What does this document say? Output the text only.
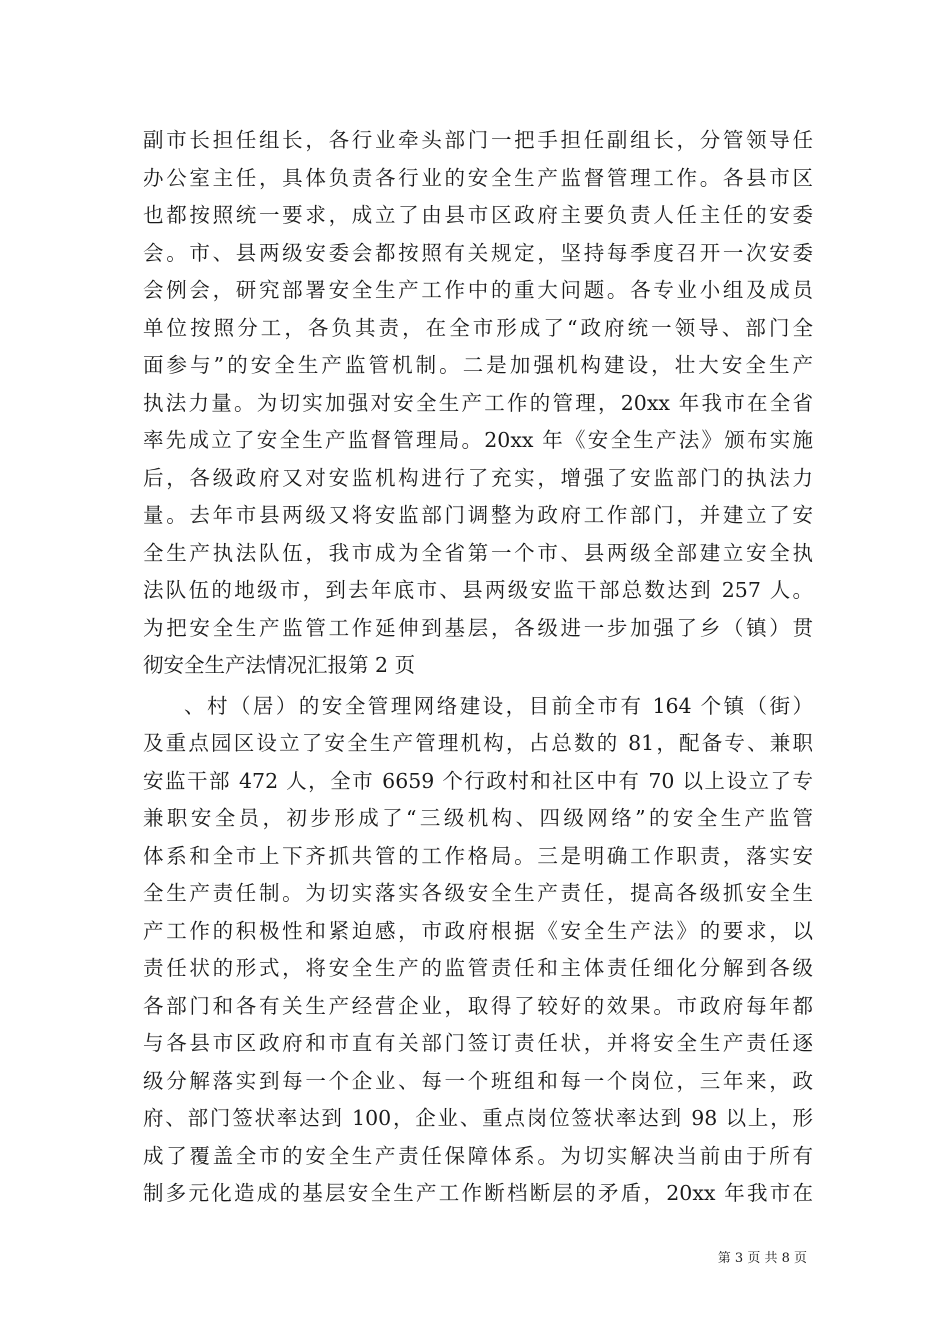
副市长担任组长，各行业牵头部门一把手担任副组长，分管领导任
办公室主任，具体负责各行业的安全生产监督管理工作。各县市区
也都按照统一要求，成立了由县市区政府主要负责人任主任的安委
会。市、县两级安委会都按照有关规定，坚持每季度召开一次安委
会例会，研究部署安全生产工作中的重大问题。各专业小组及成员
单位按照分工，各负其责，在全市形成了“政府统一领导、部门全
面参与”的安全生产监管机制。二是加强机构建设，壮大安全生产
执法力量。为切实加强对安全生产工作的管理，20xx 年我市在全省
率先成立了安全生产监督管理局。20xx 年《安全生产法》颁布实施
后，各级政府又对安监机构进行了充实，增强了安监部门的执法力
量。去年市县两级又将安监部门调整为政府工作部门，并建立了安
全生产执法队伍，我市成为全省第一个市、县两级全部建立安全执
法队伍的地级市，到去年底市、县两级安监干部总数达到 257 人。
为把安全生产监管工作延伸到基层，各级进一步加强了乡（镇）贯
彻安全生产法情况汇报第 2 页
、村（居）的安全管理网络建设，目前全市有 164 个镇（街）
及重点园区设立了安全生产管理机构，占总数的 81，配备专、兼职
安监干部 472 人，全市 6659 个行政村和社区中有 70 以上设立了专
兼职安全员，初步形成了“三级机构、四级网络”的安全生产监管
体系和全市上下齐抓共管的工作格局。三是明确工作职责，落实安
全生产责任制。为切实落实各级安全生产责任，提高各级抓安全生
产工作的积极性和紧迫感，市政府根据《安全生产法》的要求，以
责任状的形式，将安全生产的监管责任和主体责任细化分解到各级
各部门和各有关生产经营企业，取得了较好的效果。市政府每年都
与各县市区政府和市直有关部门签订责任状，并将安全生产责任逐
级分解落实到每一个企业、每一个班组和每一个岗位，三年来，政
府、部门签状率达到 100，企业、重点岗位签状率达到 98 以上，形
成了覆盖全市的安全生产责任保障体系。为切实解决当前由于所有
制多元化造成的基层安全生产工作断档断层的矛盾，20xx 年我市在
第 3 页 共 8 页
